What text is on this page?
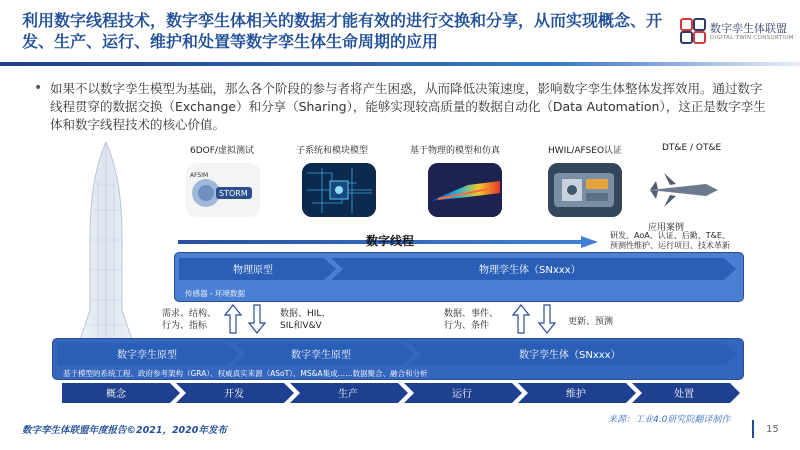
利用数字线程技术，数字孪生体相关的数据才能有效的进行交换和分享，从而实现概念、开发、生产、运行、维护和处置等数字孪生体生命周期的应用
数字孪生体联盟
DIGITAL TWIN CONSORTIUM
• 如果不以数字孪生模型为基础，那么各个阶段的参与者将产生困惑，从而降低决策速度，影响数字孪生体整体发挥效用。通过数字线程贯穿的数据交换（Exchange）和分享（Sharing），能够实现较高质量的数据自动化（Data Automation），这正是数字孪生体和数字线程技术的核心价值。
6DOF/虚拟测试	子系统和模块模型	基于物理的模型和仿真	HWIL/AFSEO认证	DT&E / OT&E
STORM
AFSIM
应用案例
研发、AoA、认证、后勤、T&E、
预测性维护、运行项目、技术革新
数字线程
物理原型	物理孪生体（SNxxx）
传感器 - 环境数据
需求、结构、
行为、指标
数据、HIL、
SIL和V&V
数据、事件、
行为、条件	更新、预测
数字孪生原型	数字孪生原型	数字孪生体（SNxxx）
基于模型的系统工程、政府参考架构（GRA）、权威真实来源（ASoT）、MS&A集成……数据聚合、融合和分析
概念	开发	生产	运行	维护	处置
来源：工业4.0研究院翻译制作
数字孪生体联盟年度报告©2021，2020年发布	15
